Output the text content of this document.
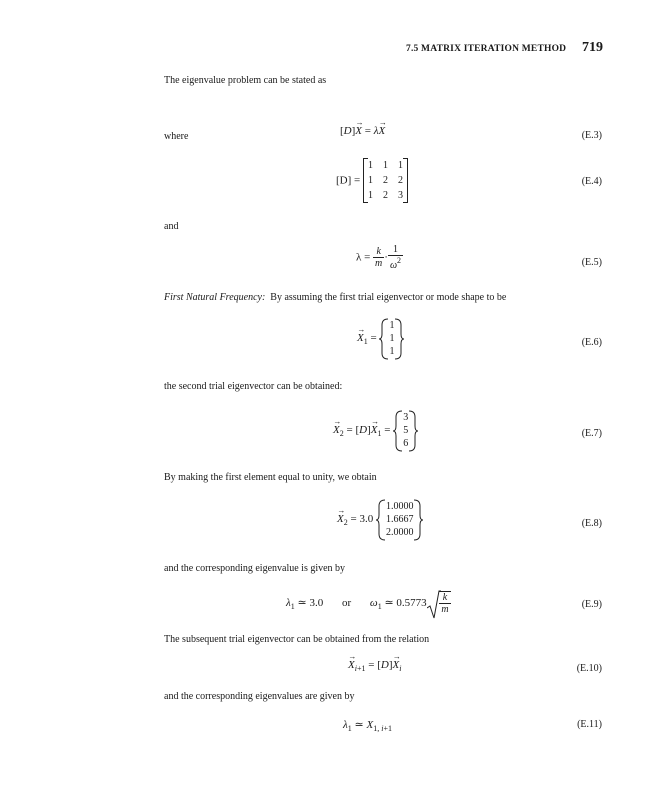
7.5 MATRIX ITERATION METHOD 719
The eigenvalue problem can be stated as
[D]X
→
= λX
→
(E.3)
where
[D] =
1	1	1
1	2	2
1	2	3
(E.4)
and
$\lambda = \frac{k}{m} \cdot \frac{1}{\omega^2}$	(E.5)
First Natural Frequency: By assuming the first trial eigenvector or mode shape to be
X
→
$_1$ =
1
1
1
(E.6)
the second trial eigenvector can be obtained:
X
→
$_2$ = [D]X
→
$_1$ =
3
5
6
(E.7)
By making the first element equal to unity, we obtain
X
→
$_2$ = 3.0
1.0000
1.6667
2.0000
(E.8)
and the corresponding eigenvalue is given by
$\lambda_1$ ≃ 3.0 or $\omega_1$ ≃ $0.5773 \frac{k}{m}$	(E.9)
The subsequent trial eigenvector can be obtained from the relation
X
→
$_{i+1}$ = [D]X
→
$_i$	(E.10)
and the corresponding eigenvalues are given by
$\lambda_1$ ≃ $X_{1, i+1}$	(E.11)
